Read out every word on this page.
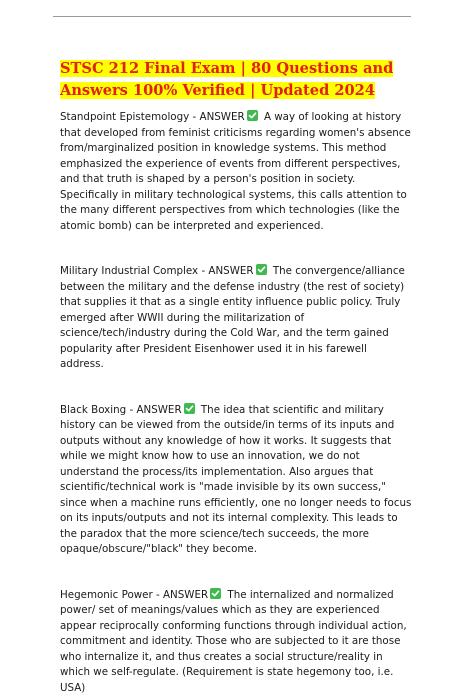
STSC 212 Final Exam | 80 Questions and Answers 100% Verified | Updated 2024
Standpoint Epistemology - ANSWER A way of looking at history that developed from feminist criticisms regarding women's absence from/marginalized position in knowledge systems. This method emphasized the experience of events from different perspectives, and that truth is shaped by a person's position in society. Specifically in military technological systems, this calls attention to the many different perspectives from which technologies (like the atomic bomb) can be interpreted and experienced.
Military Industrial Complex - ANSWER The convergence/alliance between the military and the defense industry (the rest of society) that supplies it that as a single entity influence public policy. Truly emerged after WWII during the militarization of science/tech/industry during the Cold War, and the term gained popularity after President Eisenhower used it in his farewell address.
Black Boxing - ANSWER The idea that scientific and military history can be viewed from the outside/in terms of its inputs and outputs without any knowledge of how it works. It suggests that while we might know how to use an innovation, we do not understand the process/its implementation. Also argues that scientific/technical work is "made invisible by its own success," since when a machine runs efficiently, one no longer needs to focus on its inputs/outputs and not its internal complexity. This leads to the paradox that the more science/tech succeeds, the more opaque/obscure/"black" they become.
Hegemonic Power - ANSWER The internalized and normalized power/ set of meanings/values which as they are experienced appear reciprocally conforming functions through individual action, commitment and identity. Those who are subjected to it are those who internalize it, and thus creates a social structure/reality in which we self-regulate. (Requirement is state hegemony too, i.e. USA)
